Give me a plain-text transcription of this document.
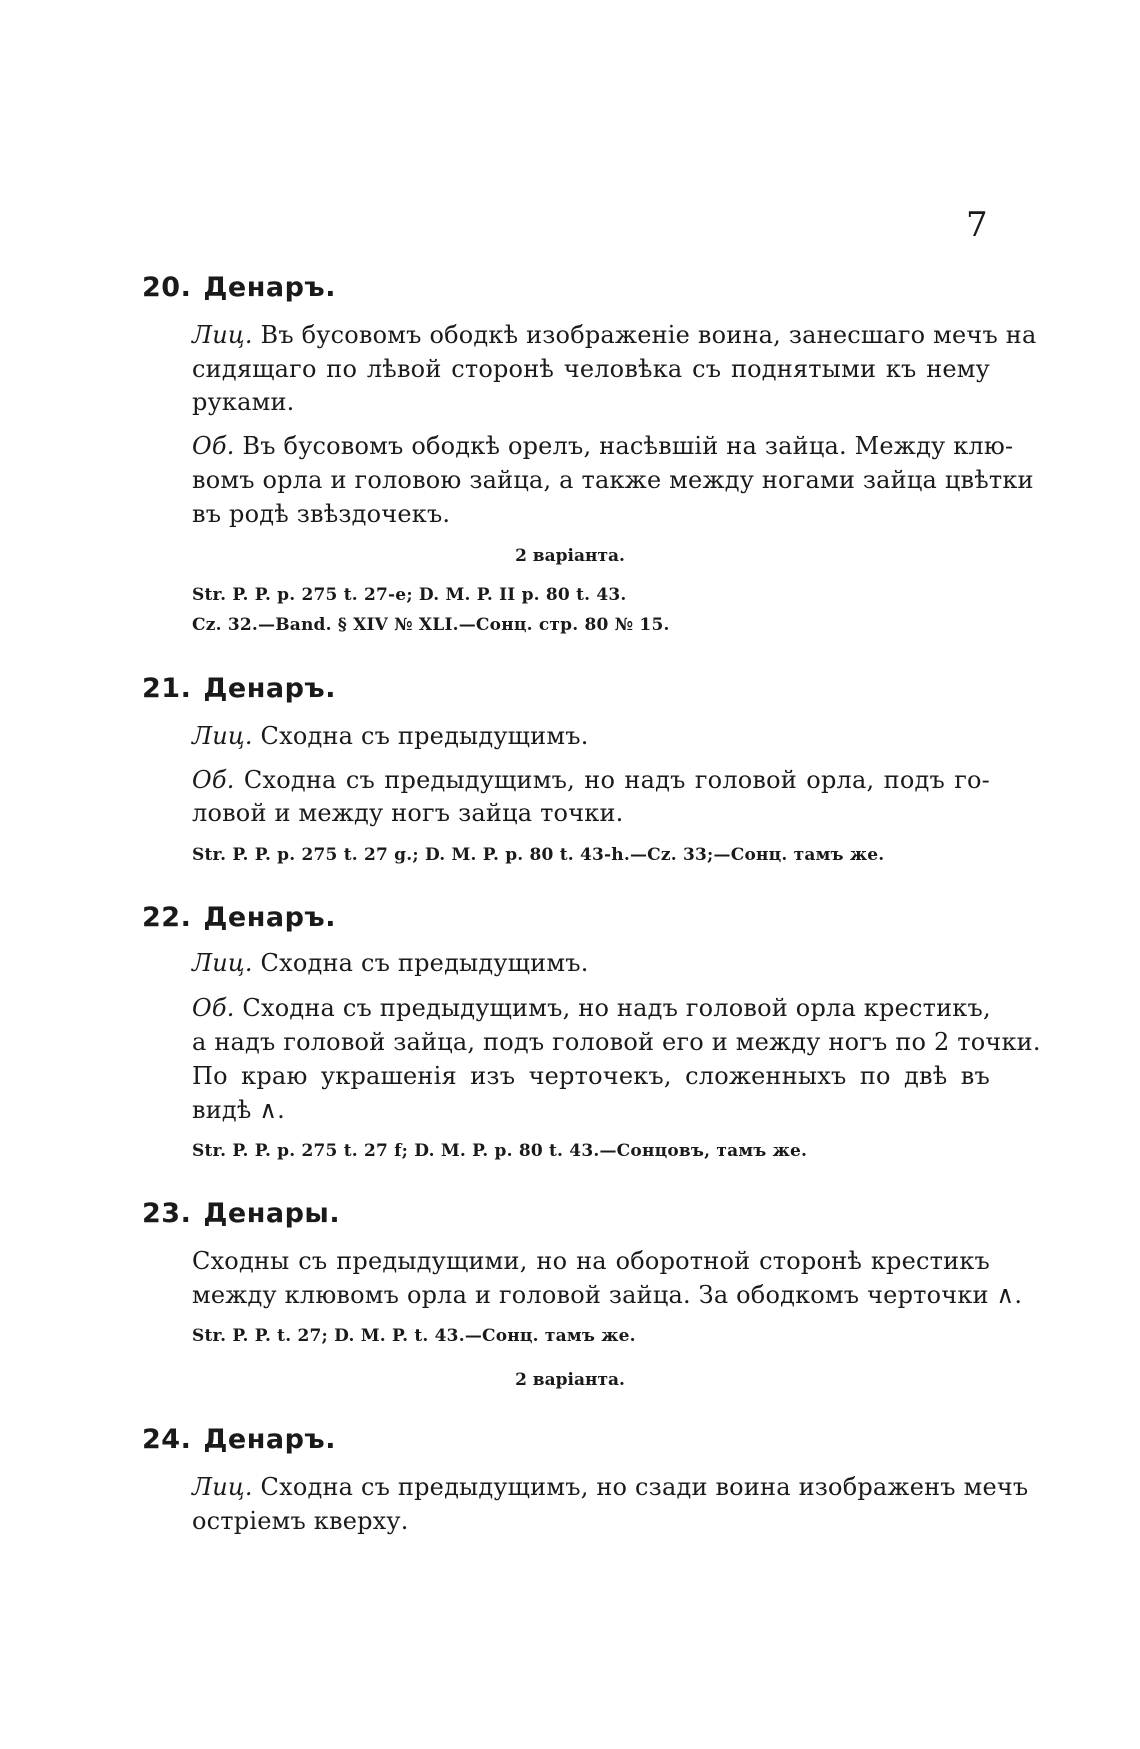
7
20. Денаръ.
Лиц. Въ бусовомъ ободкѣ изображеніе воина, занесшаго мечъ на
сидящаго по лѣвой сторонѣ человѣка съ поднятыми къ нему
руками.
Об. Въ бусовомъ ободкѣ орелъ, насѣвшій на зайца. Между клю-
вомъ орла и головою зайца, а также между ногами зайца цвѣтки
въ родѣ звѣздочекъ.
2 варіанта.
Str. P. P. p. 275 t. 27-e; D. M. P. II p. 80 t. 43.
Cz. 32.—Band. § XIV № XLI.—Сонц. стр. 80 № 15.
21. Денаръ.
Лиц. Сходна съ предыдущимъ.
Об. Сходна съ предыдущимъ, но надъ головой орла, подъ го-
ловой и между ногъ зайца точки.
Str. P. P. p. 275 t. 27 g.; D. M. P. p. 80 t. 43-h.—Cz. 33;—Сонц. тамъ же.
22. Денаръ.
Лиц. Сходна съ предыдущимъ.
Об. Сходна съ предыдущимъ, но надъ головой орла крестикъ,
а надъ головой зайца, подъ головой его и между ногъ по 2 точки.
По краю украшенія изъ черточекъ, сложенныхъ по двѣ въ
видѣ ∧.
Str. P. P. p. 275 t. 27 f; D. M. P. p. 80 t. 43.—Сонцовъ, тамъ же.
23. Денары.
Сходны съ предыдущими, но на оборотной сторонѣ крестикъ
между клювомъ орла и головой зайца. За ободкомъ черточки ∧.
Str. P. P. t. 27; D. M. P. t. 43.—Сонц. тамъ же.
2 варіанта.
24. Денаръ.
Лиц. Сходна съ предыдущимъ, но сзади воина изображенъ мечъ
остріемъ кверху.
